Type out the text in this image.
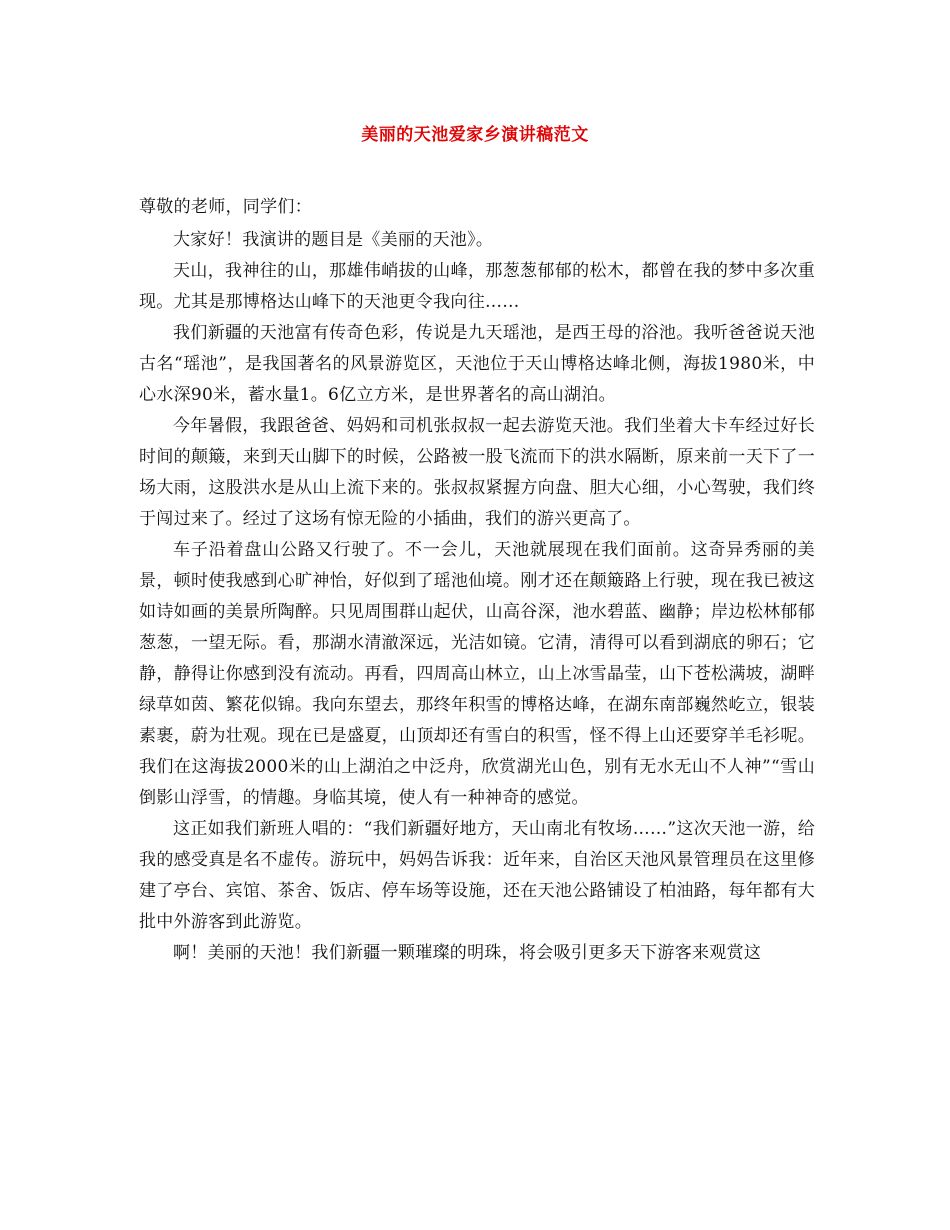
美丽的天池爱家乡演讲稿范文

尊敬的老师，同学们：

大家好！我演讲的题目是《美丽的天池》。

天山，我神往的山，那雄伟峭拔的山峰，那葱葱郁郁的松木，都曾在我的梦中多次重现。尤其是那博格达山峰下的天池更令我向往……

我们新疆的天池富有传奇色彩，传说是九天瑶池，是西王母的浴池。我听爸爸说天池古名“瑶池”，是我国著名的风景游览区，天池位于天山博格达峰北侧，海拔1980米，中心水深90米，蓄水量1。6亿立方米，是世界著名的高山湖泊。

今年暑假，我跟爸爸、妈妈和司机张叔叔一起去游览天池。我们坐着大卡车经过好长时间的颠簸，来到天山脚下的时候，公路被一股飞流而下的洪水隔断，原来前一天下了一场大雨，这股洪水是从山上流下来的。张叔叔紧握方向盘、胆大心细，小心驾驶，我们终于闯过来了。经过了这场有惊无险的小插曲，我们的游兴更高了。

车子沿着盘山公路又行驶了。不一会儿，天池就展现在我们面前。这奇异秀丽的美景，顿时使我感到心旷神怡，好似到了瑶池仙境。刚才还在颠簸路上行驶，现在我已被这如诗如画的美景所陶醉。只见周围群山起伏，山高谷深，池水碧蓝、幽静；岸边松林郁郁葱葱，一望无际。看，那湖水清澈深远，光洁如镜。它清，清得可以看到湖底的卵石；它静，静得让你感到没有流动。再看，四周高山林立，山上冰雪晶莹，山下苍松满坡，湖畔绿草如茵、繁花似锦。我向东望去，那终年积雪的博格达峰，在湖东南部巍然屹立，银装素裹，蔚为壮观。现在已是盛夏，山顶却还有雪白的积雪，怪不得上山还要穿羊毛衫呢。我们在这海拔2000米的山上湖泊之中泛舟，欣赏湖光山色，别有无水无山不人神”“雪山倒影山浮雪，的情趣。身临其境，使人有一种神奇的感觉。

这正如我们新班人唱的：“我们新疆好地方，天山南北有牧场……”这次天池一游，给我的感受真是名不虚传。游玩中，妈妈告诉我：近年来，自治区天池风景管理员在这里修建了亭台、宾馆、茶舍、饭店、停车场等设施，还在天池公路铺设了柏油路，每年都有大批中外游客到此游览。

啊！美丽的天池！我们新疆一颗璀璨的明珠，将会吸引更多天下游客来观赏这
